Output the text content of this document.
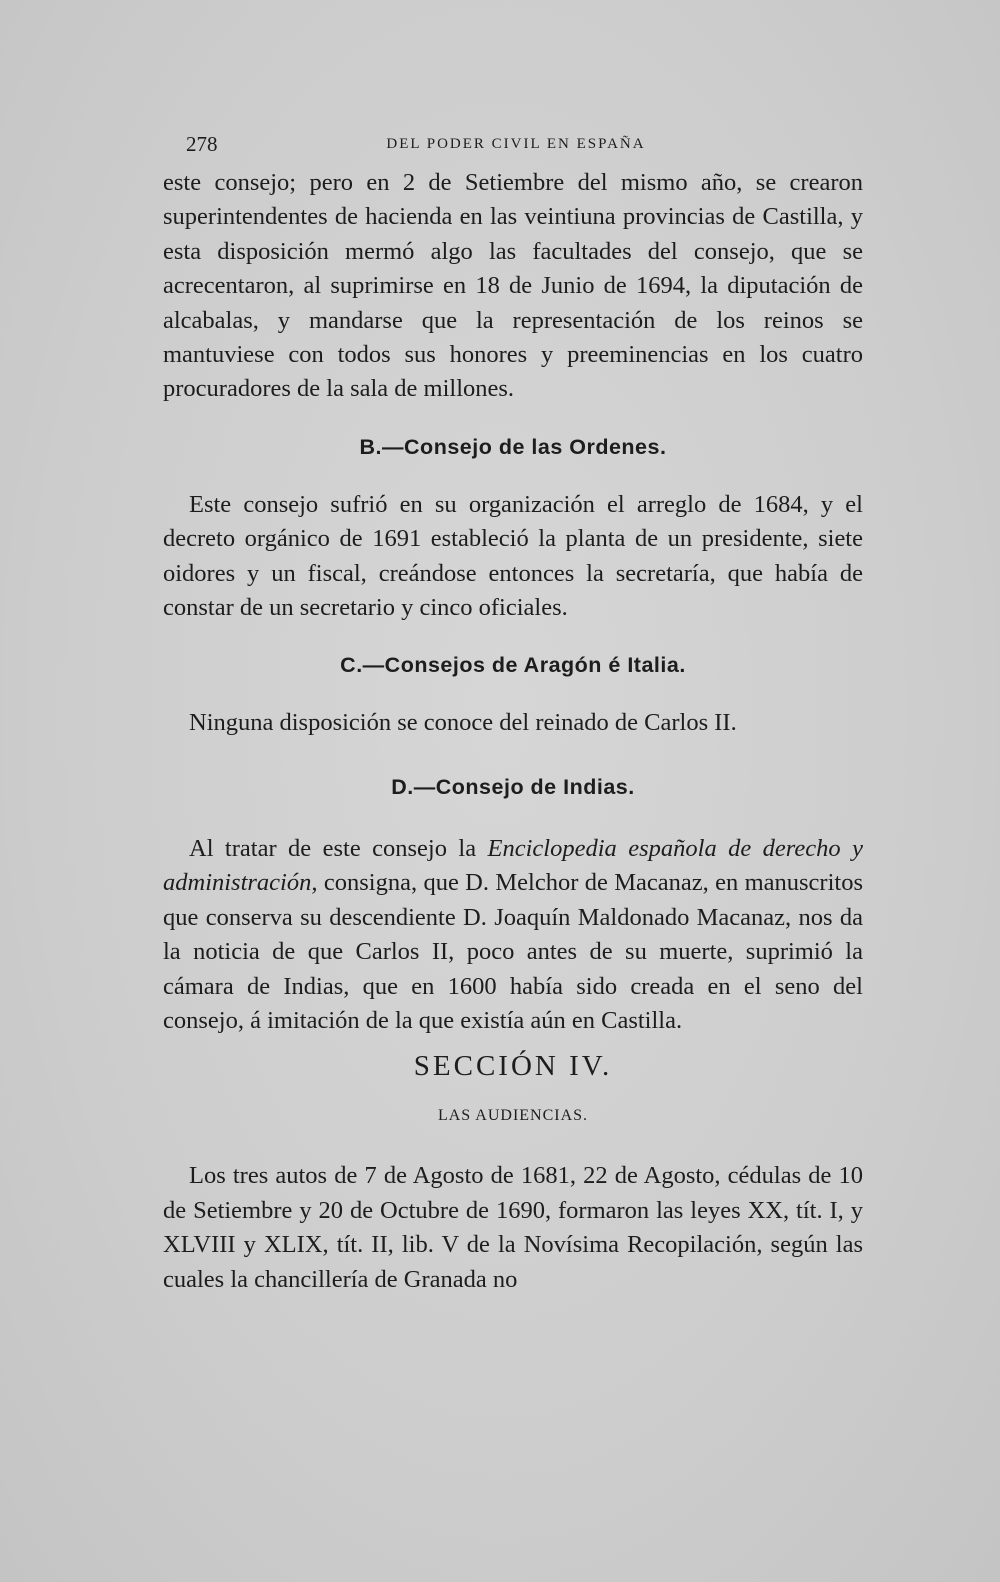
278	DEL PODER CIVIL EN ESPAÑA

este consejo; pero en 2 de Setiembre del mismo año, se crearon superintendentes de hacienda en las veintiuna provincias de Castilla, y esta disposición mermó algo las facultades del consejo, que se acrecentaron, al suprimirse en 18 de Junio de 1694, la diputación de alcabalas, y mandarse que la representación de los reinos se mantuviese con todos sus honores y preeminencias en los cuatro procuradores de la sala de millones.

B.—Consejo de las Ordenes.

Este consejo sufrió en su organización el arreglo de 1684, y el decreto orgánico de 1691 estableció la planta de un presidente, siete oidores y un fiscal, creándose entonces la secretaría, que había de constar de un secretario y cinco oficiales.

C.—Consejos de Aragón é Italia.

Ninguna disposición se conoce del reinado de Carlos II.

D.—Consejo de Indias.

Al tratar de este consejo la Enciclopedia española de derecho y administración, consigna, que D. Melchor de Macanaz, en manuscritos que conserva su descendiente D. Joaquín Maldonado Macanaz, nos da la noticia de que Carlos II, poco antes de su muerte, suprimió la cámara de Indias, que en 1600 había sido creada en el seno del consejo, á imitación de la que existía aún en Castilla.

SECCIÓN IV.
LAS AUDIENCIAS.

Los tres autos de 7 de Agosto de 1681, 22 de Agosto, cédulas de 10 de Setiembre y 20 de Octubre de 1690, formaron las leyes XX, tít. I, y XLVIII y XLIX, tít. II, lib. V de la Novísima Recopilación, según las cuales la chancillería de Granada no
